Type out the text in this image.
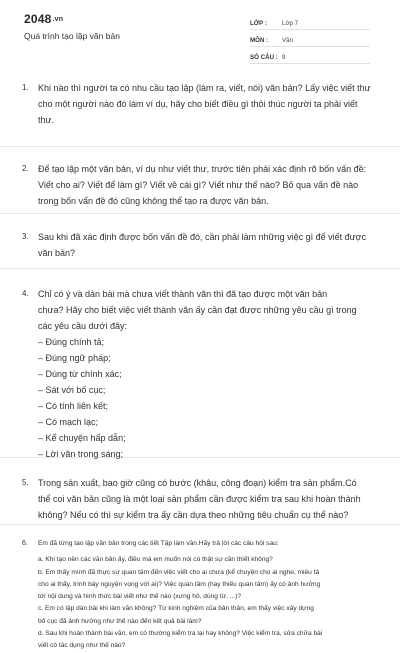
2048.vn
Quá trình tạo lập văn bản
LỚP :	Lớp 7
MÔN :	Văn
SỐ CÂU : 9
1. Khi nào thì người ta có nhu cầu tạo lập (làm ra, viết, nói) văn bản? Lấy việc viết thư
cho một người nào đó làm ví dụ, hãy cho biết điều gì thôi thúc người ta phải viết
thư.
2. Để tạo lập một văn bản, ví dụ như viết thư, trước tiên phải xác định rõ bốn vấn đề:
Viết cho ai? Viết để làm gì? Viết về cái gì? Viết như thế nào? Bỏ qua vấn đề nào
trong bốn vấn đề đó cũng không thể tạo ra được văn bản.
3. Sau khi đã xác định được bốn vấn đề đó, cần phải làm những việc gì để viết được
văn bản?
4. Chỉ có ý và dàn bài mà chưa viết thành văn thì đã tạo được một văn bản
chưa? Hãy cho biết việc viết thành văn ấy cần đạt được những yêu cầu gì trong
các yêu cầu dưới đây:
– Đúng chính tả;
– Đúng ngữ pháp;
– Dùng từ chính xác;
– Sát với bố cục;
– Có tính liên kết;
– Có mạch lạc;
– Kể chuyện hấp dẫn;
– Lời văn trong sáng;
5. Trong sản xuất, bao giờ cũng có bước (khâu, công đoạn) kiểm tra sản phẩm.Có
thể coi văn bản cũng là một loại sản phẩm cần được kiểm tra sau khi hoàn thành
không? Nếu có thì sự kiểm tra ấy cần dựa theo những tiêu chuẩn cụ thể nào?
6. Em đã từng tạo lập văn bản trong các tiết Tập làm văn.Hãy trả lời các câu hỏi sau:
a. Khi tạo nên các văn bản ấy, điều mà em muốn nói có thật sự cần thiết không?
b. Em thấy mình đã thực sự quan tâm đến việc viết cho ai chưa (kể chuyện cho ai nghe, miêu tả
cho ai thấy, trình bày nguyện vọng với ai)? Việc quan tâm (hay thiếu quan tâm) ấy có ảnh hưởng
tới nội dung và hình thức bài viết như thế nào (xưng hô, dùng từ, ...)?
c. Em có lập dàn bài khi làm văn không? Từ kinh nghiệm của bản thân, em thấy việc xây dựng
bố cục đã ảnh hưởng như thế nào đến kết quả bài làm?
d. Sau khi hoàn thành bài văn, em có thường kiểm tra lại hay không? Việc kiểm tra, sửa chữa bài
viết có tác dụng như thế nào?
